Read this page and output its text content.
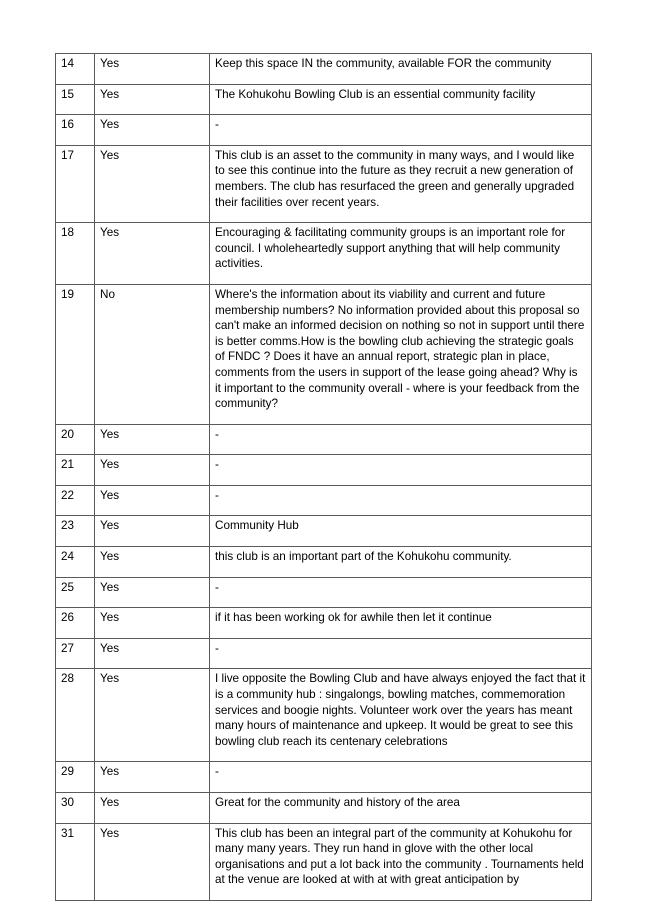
14	Yes	Keep this space IN the community, available FOR the community
15	Yes	The Kohukohu Bowling Club is an essential community facility
16	Yes	-
17	Yes	This club is an asset to the community in many ways, and I would like to see this continue into the future as they recruit a new generation of members. The club has resurfaced the green and generally upgraded their facilities over recent years.
18	Yes	Encouraging & facilitating community groups is an important role for council. I wholeheartedly support anything that will help community activities.
19	No	Where's the information about its viability and current and future membership numbers? No information provided about this proposal so can't make an informed decision on nothing so not in support until there is better comms.How is the bowling club achieving the strategic goals of FNDC ? Does it have an annual report, strategic plan in place, comments from the users in support of the lease going ahead? Why is it important to the community overall - where is your feedback from the community?
20	Yes	-
21	Yes	-
22	Yes	-
23	Yes	Community Hub
24	Yes	this club is an important part of the Kohukohu community.
25	Yes	-
26	Yes	if it has been working ok for awhile then let it continue
27	Yes	-
28	Yes	I live opposite the Bowling Club and have always enjoyed the fact that it is a community hub : singalongs, bowling matches, commemoration services and boogie nights. Volunteer work over the years has meant many hours of maintenance and upkeep. It would be great to see this bowling club reach its centenary celebrations
29	Yes	-
30	Yes	Great for the community and history of the area
31	Yes	This club has been an integral part of the community at Kohukohu for many many years. They run hand in glove with the other local organisations and put a lot back into the community . Tournaments held at the venue are looked at with at with great anticipation by
